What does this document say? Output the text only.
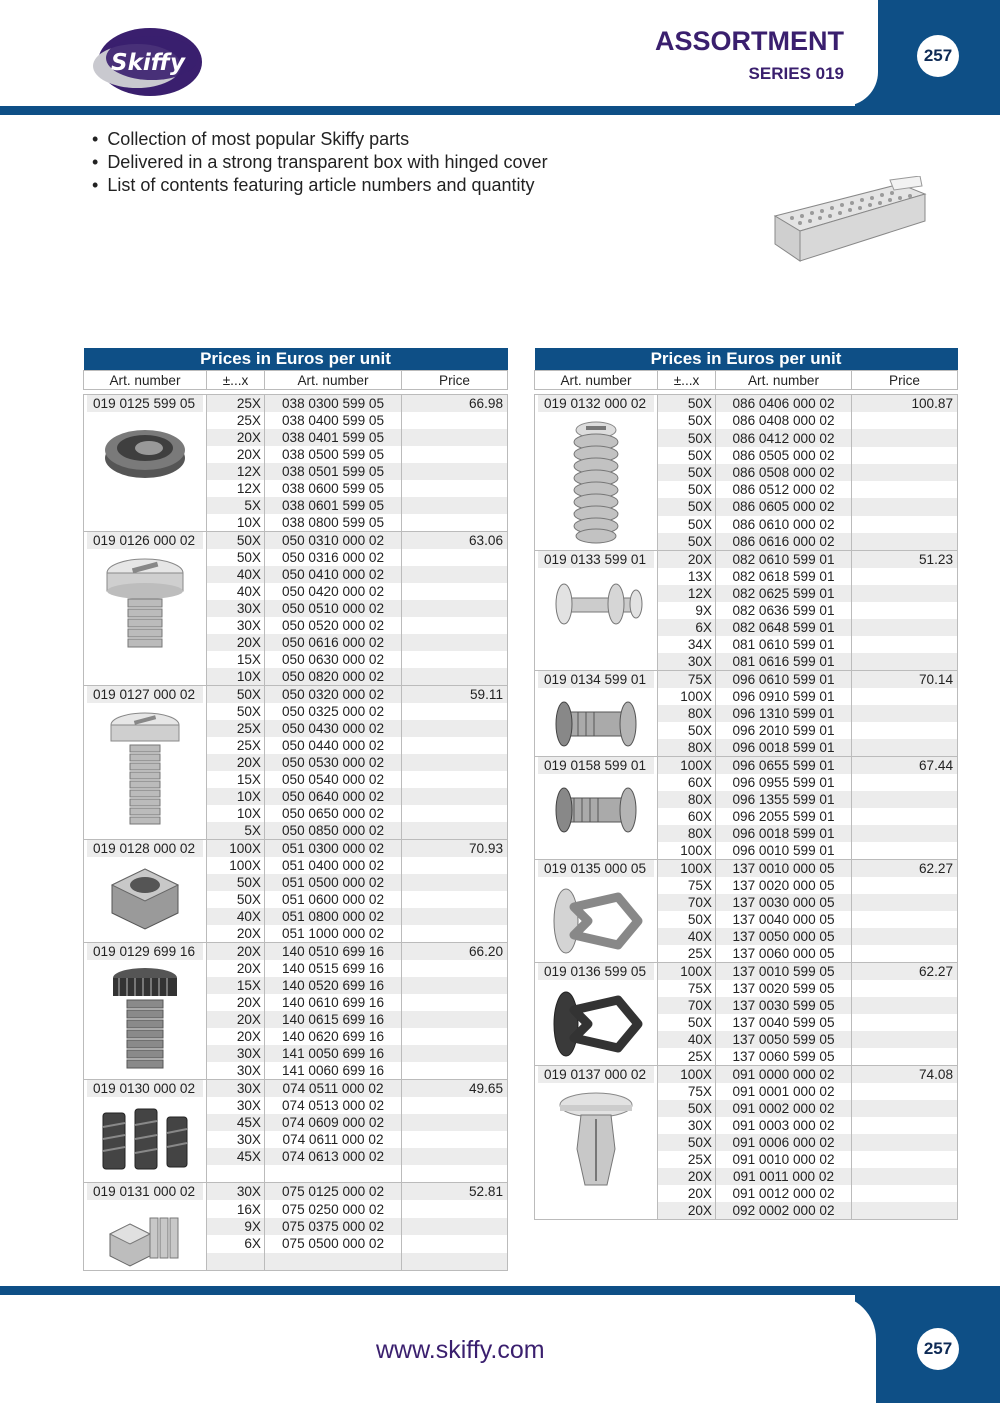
Skiffy
ASSORTMENT
SERIES 019
257
• Collection of most popular Skiffy parts
• Delivered in a strong transparent box with hinged cover
• List of contents featuring article numbers and quantity
Prices in Euros per unit			
Art. number	±...x	Art. number	Price

019 0125 599 05	25X	038 0300 599 05	66.98
	25X	038 0400 599 05	
	20X	038 0401 599 05	
	20X	038 0500 599 05	
	12X	038 0501 599 05	
	12X	038 0600 599 05	
	5X	038 0601 599 05	
	10X	038 0800 599 05	

019 0126 000 02	50X	050 0310 000 02	63.06
	50X	050 0316 000 02	
	40X	050 0410 000 02	
	40X	050 0420 000 02	
	30X	050 0510 000 02	
	30X	050 0520 000 02	
	20X	050 0616 000 02	
	15X	050 0630 000 02	
	10X	050 0820 000 02	

019 0127 000 02	50X	050 0320 000 02	59.11
	50X	050 0325 000 02	
	25X	050 0430 000 02	
	25X	050 0440 000 02	
	20X	050 0530 000 02	
	15X	050 0540 000 02	
	10X	050 0640 000 02	
	10X	050 0650 000 02	
	5X	050 0850 000 02	

019 0128 000 02	100X	051 0300 000 02	70.93
	100X	051 0400 000 02	
	50X	051 0500 000 02	
	50X	051 0600 000 02	
	40X	051 0800 000 02	
	20X	051 1000 000 02	

019 0129 699 16	20X	140 0510 699 16	66.20
	20X	140 0515 699 16	
	15X	140 0520 699 16	
	20X	140 0610 699 16	
	20X	140 0615 699 16	
	20X	140 0620 699 16	
	30X	141 0050 699 16	
	30X	141 0060 699 16	

019 0130 000 02	30X	074 0511 000 02	49.65
	30X	074 0513 000 02	
	45X	074 0609 000 02	
	30X	074 0611 000 02	
	45X	074 0613 000 02	

019 0131 000 02	30X	075 0125 000 02	52.81
	16X	075 0250 000 02	
	9X	075 0375 000 02	
	6X	075 0500 000 02	

Prices in Euros per unit			
Art. number	±...x	Art. number	Price

019 0132 000 02	50X	086 0406 000 02	100.87
	50X	086 0408 000 02	
	50X	086 0412 000 02	
	50X	086 0505 000 02	
	50X	086 0508 000 02	
	50X	086 0512 000 02	
	50X	086 0605 000 02	
	50X	086 0610 000 02	
	50X	086 0616 000 02	

019 0133 599 01	20X	082 0610 599 01	51.23
	13X	082 0618 599 01	
	12X	082 0625 599 01	
	9X	082 0636 599 01	
	6X	082 0648 599 01	
	34X	081 0610 599 01	
	30X	081 0616 599 01	

019 0134 599 01	75X	096 0610 599 01	70.14
	100X	096 0910 599 01	
	80X	096 1310 599 01	
	50X	096 2010 599 01	
	80X	096 0018 599 01	

019 0158 599 01	100X	096 0655 599 01	67.44
	60X	096 0955 599 01	
	80X	096 1355 599 01	
	60X	096 2055 599 01	
	80X	096 0018 599 01	
	100X	096 0010 599 01	

019 0135 000 05	100X	137 0010 000 05	62.27
	75X	137 0020 000 05	
	70X	137 0030 000 05	
	50X	137 0040 000 05	
	40X	137 0050 000 05	
	25X	137 0060 000 05	

019 0136 599 05	100X	137 0010 599 05	62.27
	75X	137 0020 599 05	
	70X	137 0030 599 05	
	50X	137 0040 599 05	
	40X	137 0050 599 05	
	25X	137 0060 599 05	

019 0137 000 02	100X	091 0000 000 02	74.08
	75X	091 0001 000 02	
	50X	091 0002 000 02	
	30X	091 0003 000 02	
	50X	091 0006 000 02	
	25X	091 0010 000 02	
	20X	091 0011 000 02	
	20X	091 0012 000 02	
	20X	092 0002 000 02	
www.skiffy.com	257
